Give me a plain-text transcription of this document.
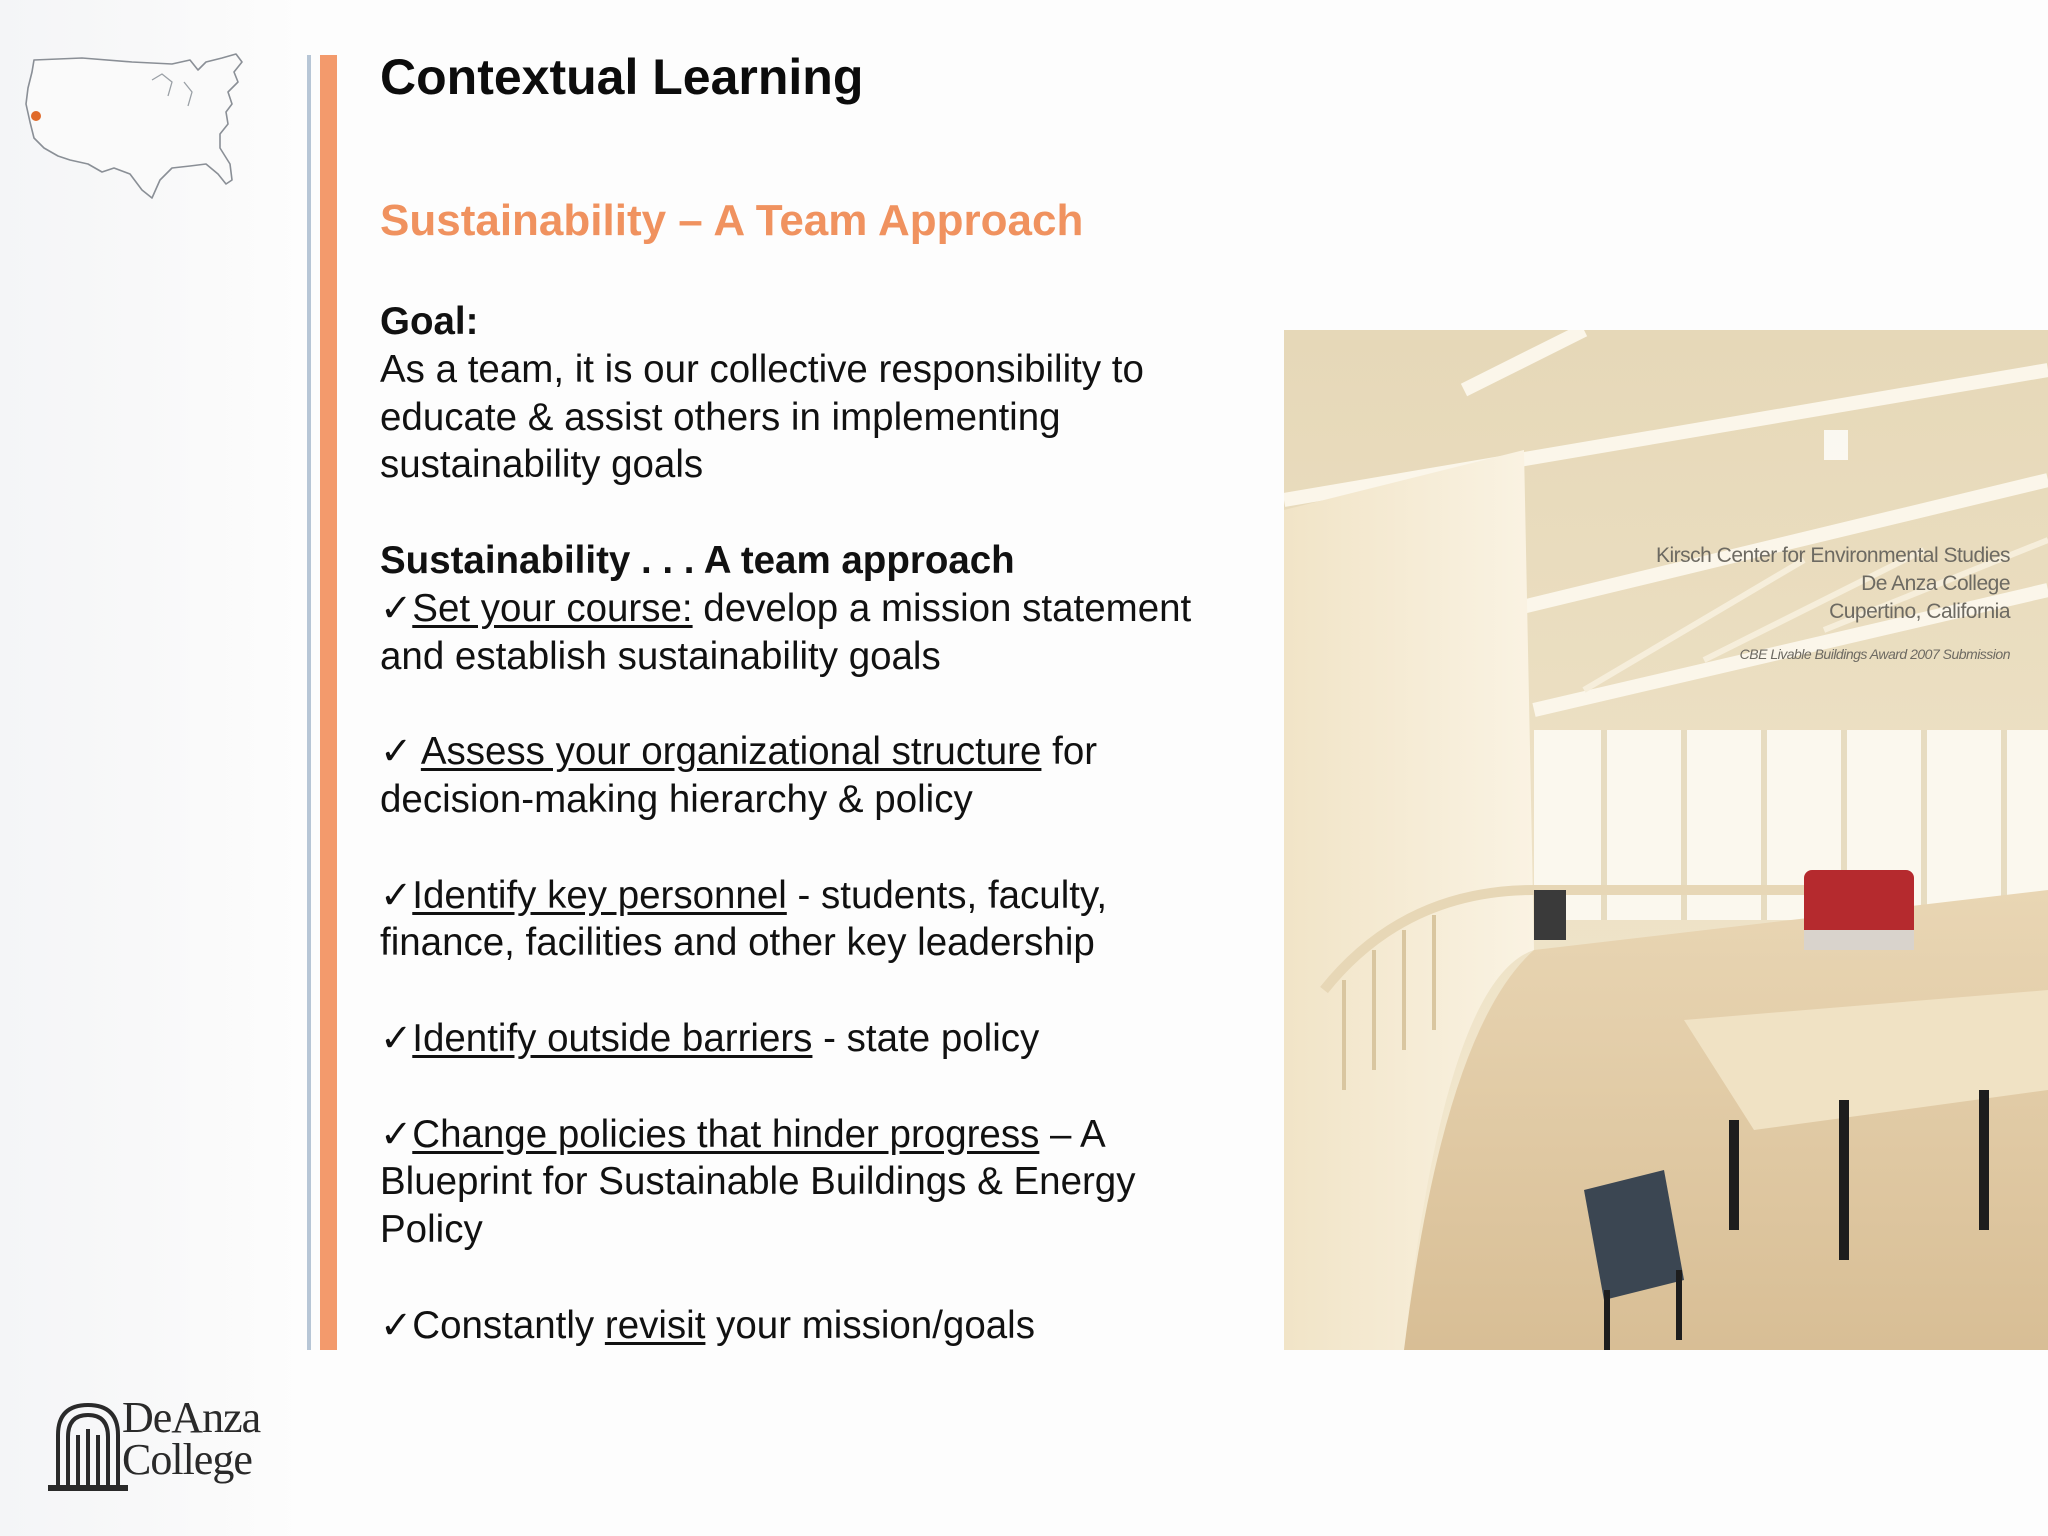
Contextual Learning
Sustainability – A Team Approach

Goal:

As a team, it is our collective responsibility to educate & assist others in implementing sustainability goals

Sustainability . . . A team approach

✓Set your course: develop a mission statement and establish sustainability goals

✓ Assess your organizational structure for decision-making hierarchy & policy

✓Identify key personnel - students, faculty, finance, facilities and other key leadership

✓Identify outside barriers - state policy

✓Change policies that hinder progress – A Blueprint for Sustainable Buildings & Energy Policy

✓Constantly revisit your mission/goals

Kirsch Center for Environmental Studies
De Anza College
Cupertino, California
CBE Livable Buildings Award 2007 Submission
DeAnza
College
